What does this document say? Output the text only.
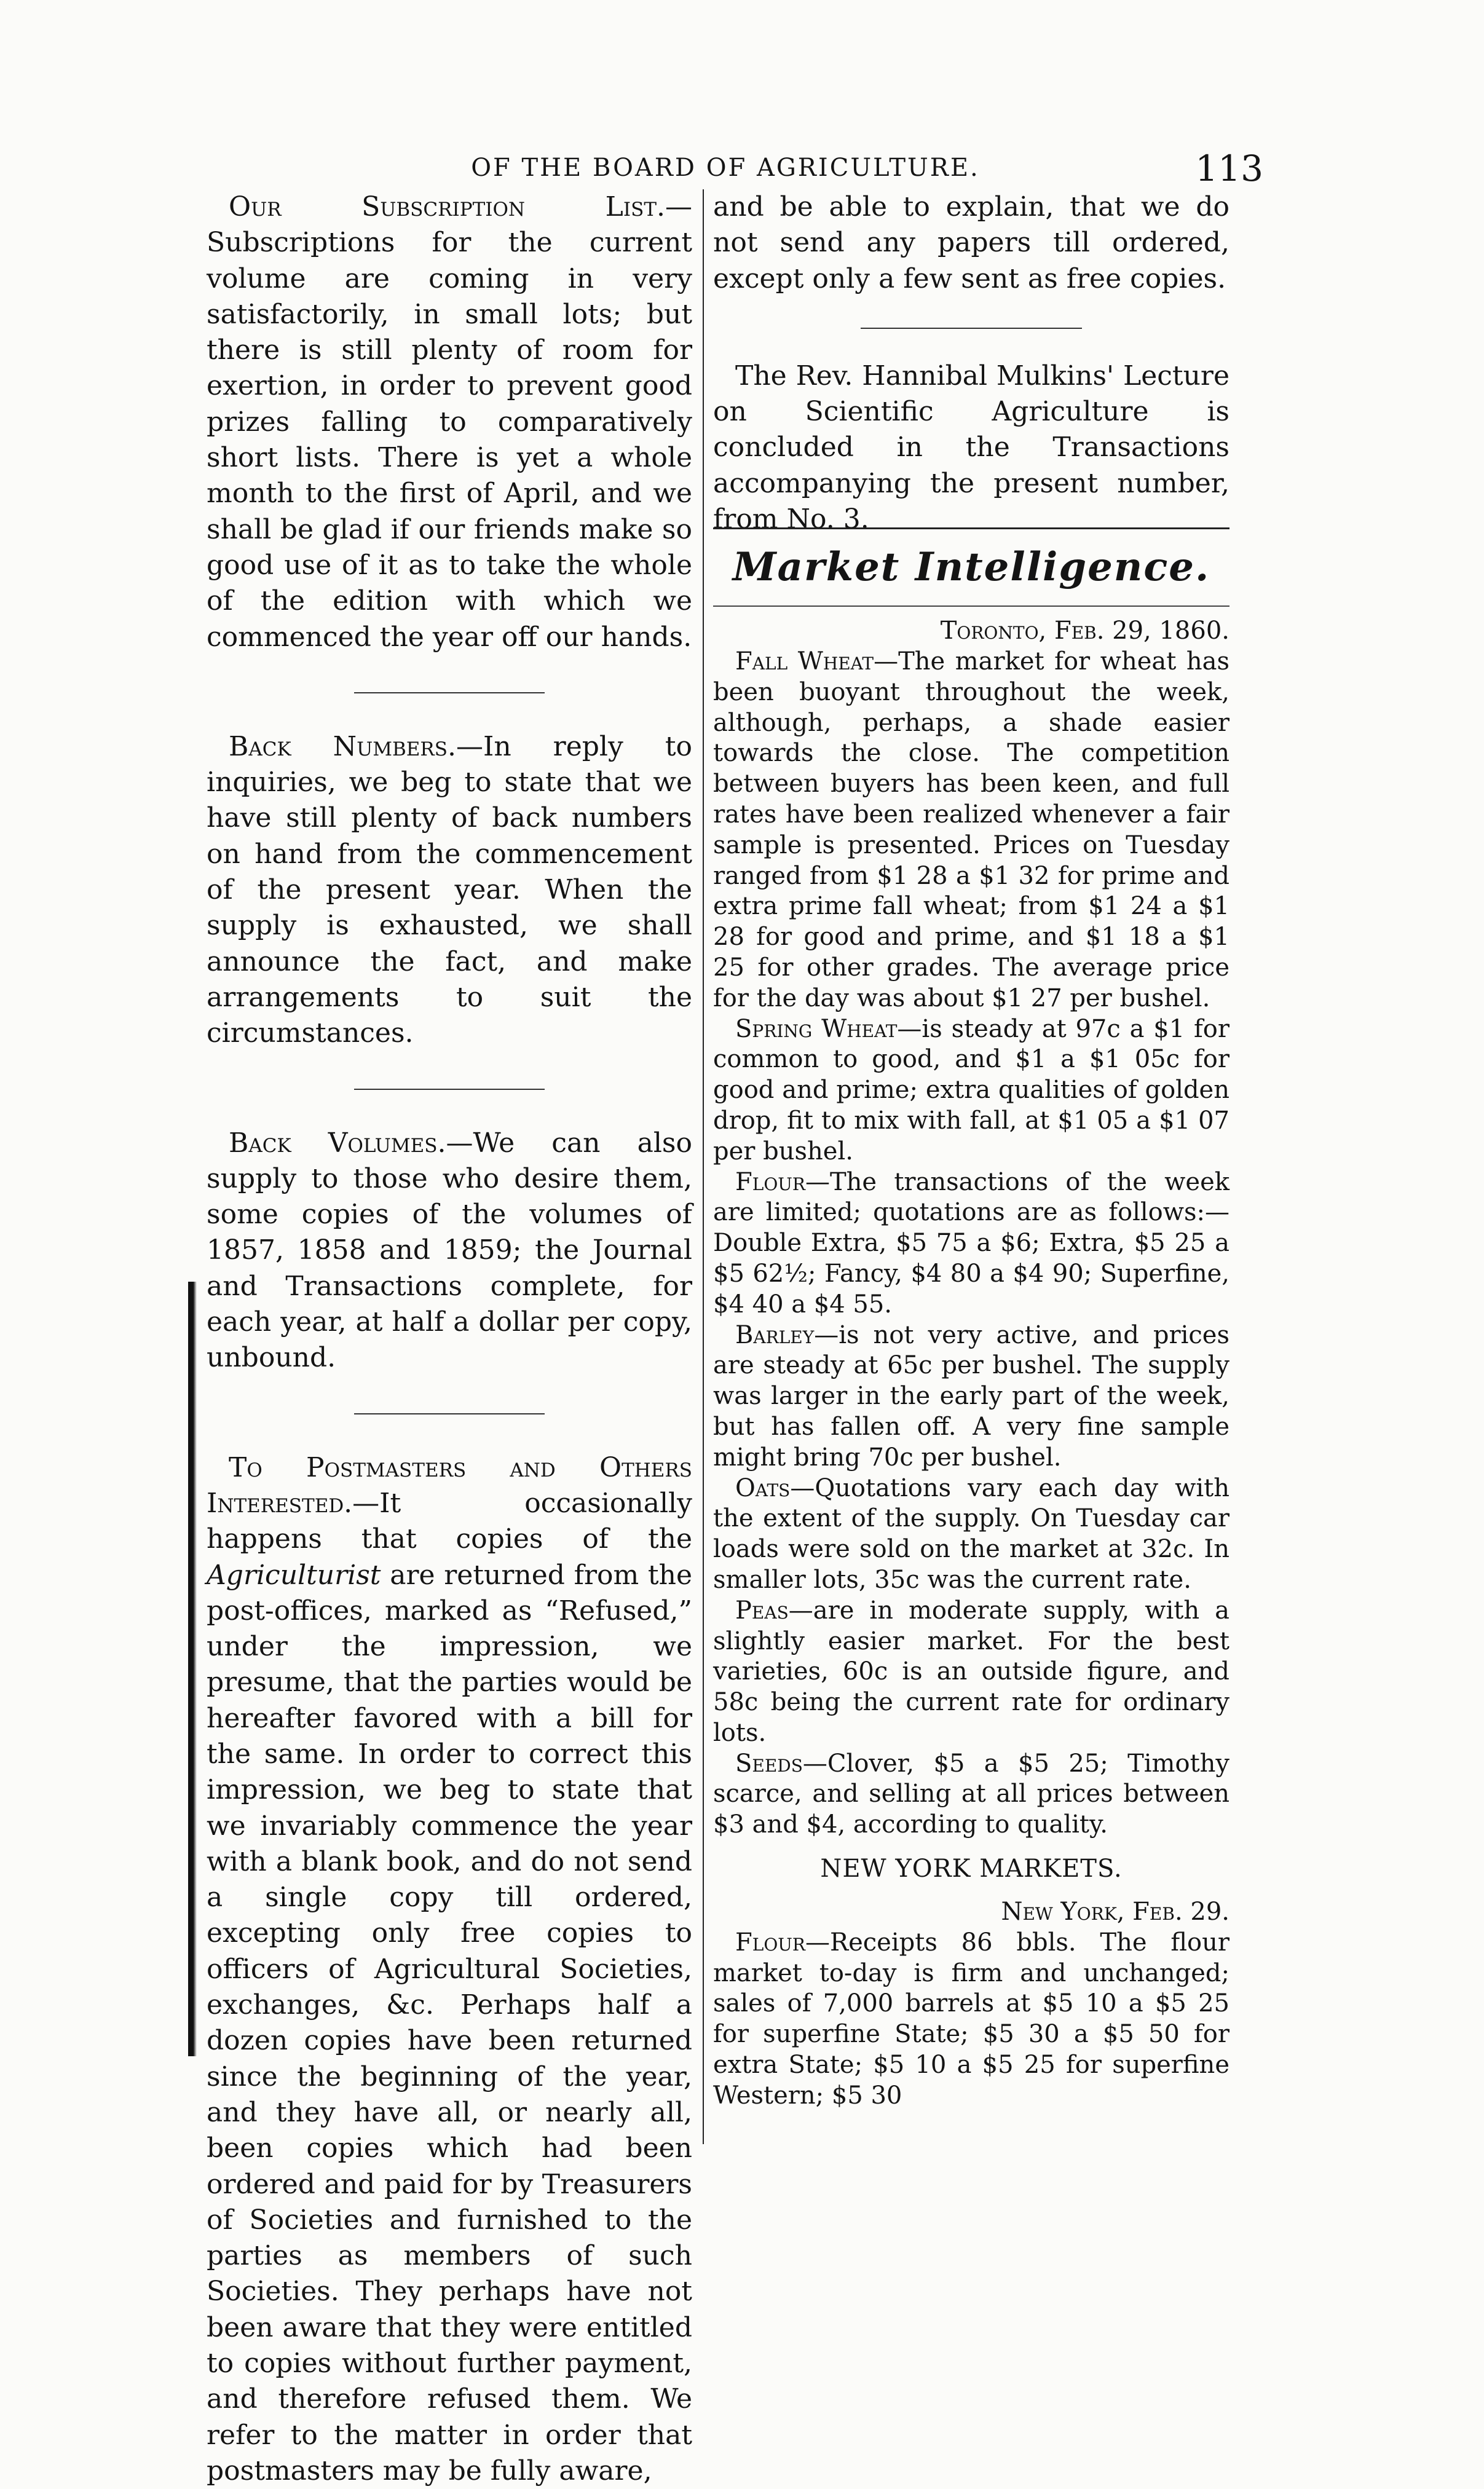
OF THE BOARD OF AGRICULTURE.	113

Our Subscription List.—Subscriptions for the current volume are coming in very satisfactorily, in small lots; but there is still plenty of room for exertion, in order to prevent good prizes falling to comparatively short lists. There is yet a whole month to the first of April, and we shall be glad if our friends make so good use of it as to take the whole of the edition with which we commenced the year off our hands.

Back Numbers.—In reply to inquiries, we beg to state that we have still plenty of back numbers on hand from the commencement of the present year. When the supply is exhausted, we shall announce the fact, and make arrangements to suit the circumstances.

Back Volumes.—We can also supply to those who desire them, some copies of the volumes of 1857, 1858 and 1859; the Journal and Transactions complete, for each year, at half a dollar per copy, unbound.

To Postmasters and Others Interested.—It occasionally happens that copies of the Agriculturist are returned from the post-offices, marked as “Refused,” under the impression, we presume, that the parties would be hereafter favored with a bill for the same. In order to correct this impression, we beg to state that we invariably commence the year with a blank book, and do not send a single copy till ordered, excepting only free copies to officers of Agricultural Societies, exchanges, &c. Perhaps half a dozen copies have been returned since the beginning of the year, and they have all, or nearly all, been copies which had been ordered and paid for by Treasurers of Societies and furnished to the parties as members of such Societies. They perhaps have not been aware that they were entitled to copies without further payment, and therefore refused them. We refer to the matter in order that postmasters may be fully aware,

and be able to explain, that we do not send any papers till ordered, except only a few sent as free copies.

The Rev. Hannibal Mulkins' Lecture on Scientific Agriculture is concluded in the Transactions accompanying the present number, from No. 3.

Market Intelligence.

Toronto, Feb. 29, 1860.

Fall Wheat—The market for wheat has been buoyant throughout the week, although, perhaps, a shade easier towards the close. The competition between buyers has been keen, and full rates have been realized whenever a fair sample is presented. Prices on Tuesday ranged from $1 28 a $1 32 for prime and extra prime fall wheat; from $1 24 a $1 28 for good and prime, and $1 18 a $1 25 for other grades. The average price for the day was about $1 27 per bushel.

Spring Wheat—is steady at 97c a $1 for common to good, and $1 a $1 05c for good and prime; extra qualities of golden drop, fit to mix with fall, at $1 05 a $1 07 per bushel.

Flour—The transactions of the week are limited; quotations are as follows:—Double Extra, $5 75 a $6; Extra, $5 25 a $5 62½; Fancy, $4 80 a $4 90; Superfine, $4 40 a $4 55.

Barley—is not very active, and prices are steady at 65c per bushel. The supply was larger in the early part of the week, but has fallen off. A very fine sample might bring 70c per bushel.

Oats—Quotations vary each day with the extent of the supply. On Tuesday car loads were sold on the market at 32c. In smaller lots, 35c was the current rate.

Peas—are in moderate supply, with a slightly easier market. For the best varieties, 60c is an outside figure, and 58c being the current rate for ordinary lots.

Seeds—Clover, $5 a $5 25; Timothy scarce, and selling at all prices between $3 and $4, according to quality.

NEW YORK MARKETS.

New York, Feb. 29.

Flour—Receipts 86 bbls. The flour market to-day is firm and unchanged; sales of 7,000 barrels at $5 10 a $5 25 for superfine State; $5 30 a $5 50 for extra State; $5 10 a $5 25 for superfine Western; $5 30
